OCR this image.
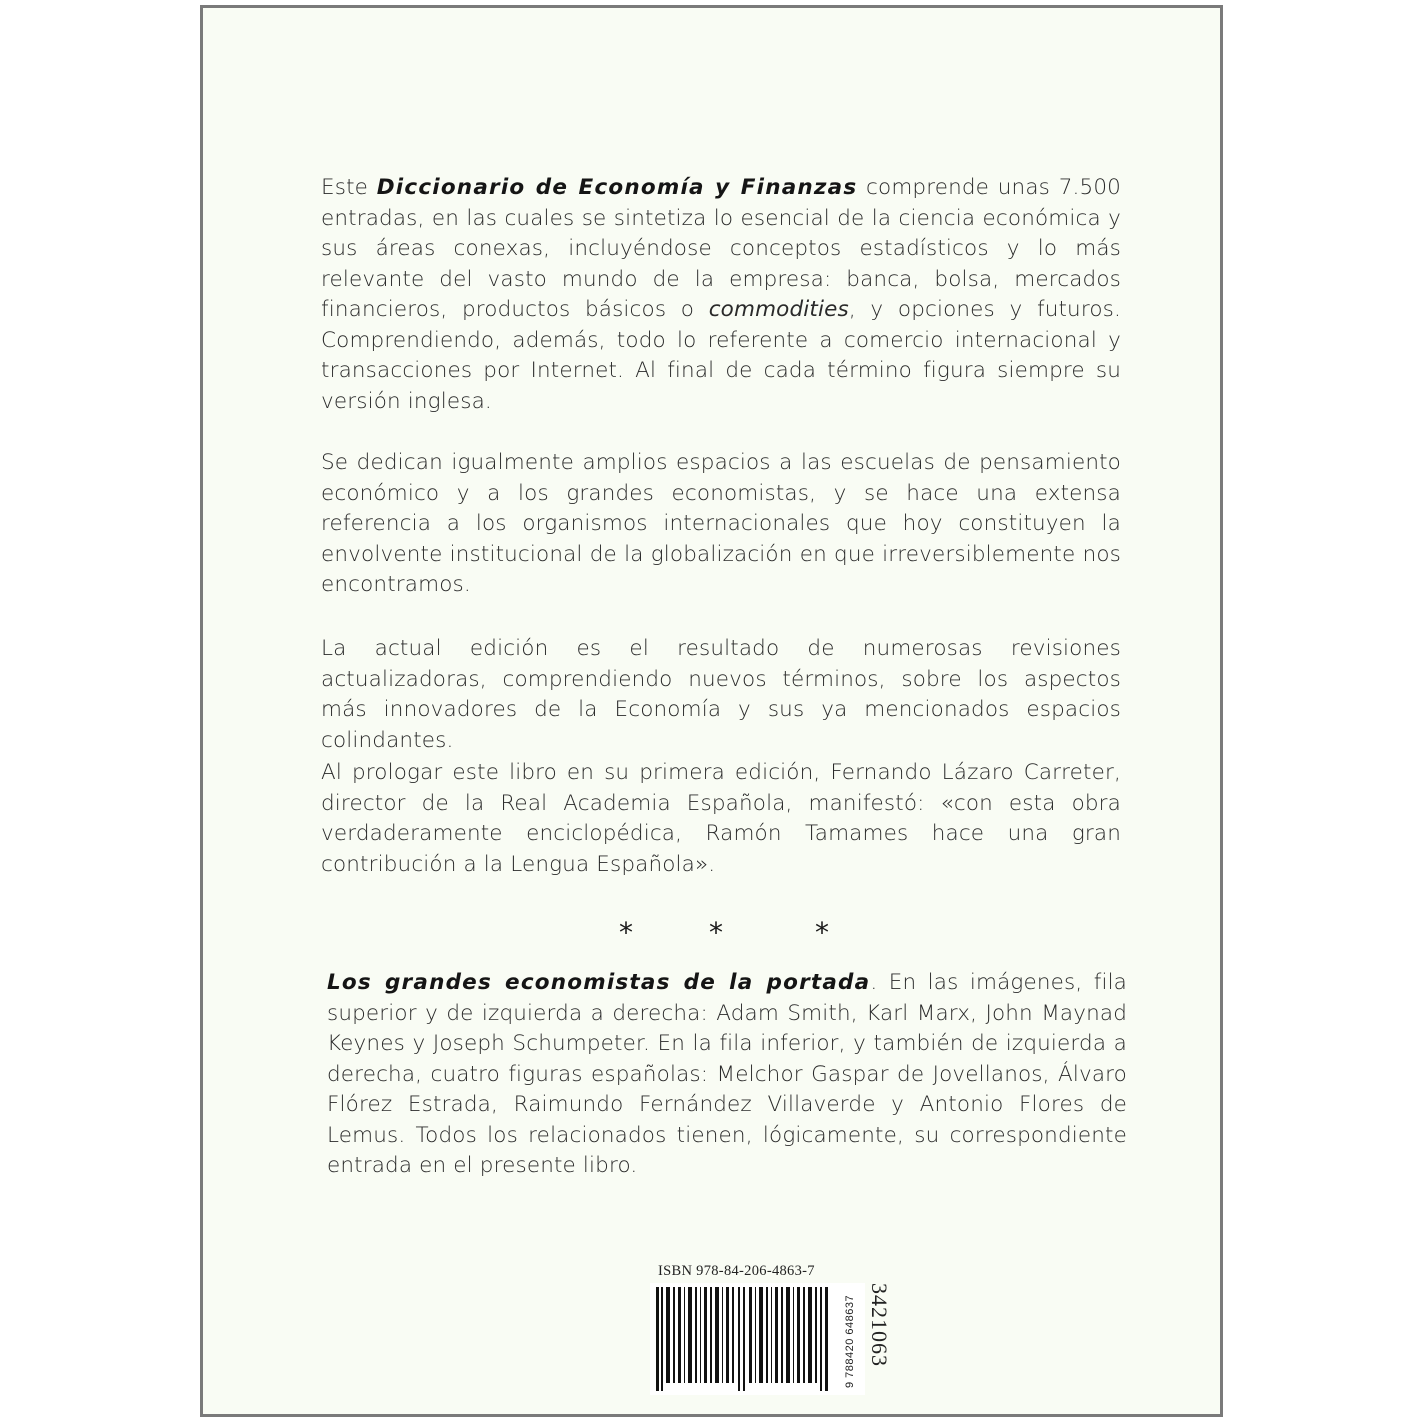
Este Diccionario de Economía y Finanzas comprende unas 7.500 entradas, en las cuales se sintetiza lo esencial de la ciencia económica y sus áreas conexas, incluyéndose conceptos estadísticos y lo más relevante del vasto mundo de la empresa: banca, bolsa, mercados financieros, productos básicos o commodities, y opciones y futuros. Comprendiendo, además, todo lo referente a comercio internacional y transacciones por Internet. Al final de cada término figura siempre su versión inglesa.

Se dedican igualmente amplios espacios a las escuelas de pensamiento económico y a los grandes economistas, y se hace una extensa referencia a los organismos internacionales que hoy constituyen la envolvente institucional de la globalización en que irreversiblemente nos encontramos.

La actual edición es el resultado de numerosas revisiones actualizadoras, comprendiendo nuevos términos, sobre los aspectos más innovadores de la Economía y sus ya mencionados espacios colindantes.

Al prologar este libro en su primera edición, Fernando Lázaro Carreter, director de la Real Academia Española, manifestó: «con esta obra verdaderamente enciclopédica, Ramón Tamames hace una gran contribución a la Lengua Española».

*	*	*

Los grandes economistas de la portada. En las imágenes, fila superior y de izquierda a derecha: Adam Smith, Karl Marx, John Maynad Keynes y Joseph Schumpeter. En la fila inferior, y también de izquierda a derecha, cuatro figuras españolas: Melchor Gaspar de Jovellanos, Álvaro Flórez Estrada, Raimundo Fernández Villaverde y Antonio Flores de Lemus. Todos los relacionados tienen, lógicamente, su correspondiente entrada en el presente libro.

ISBN 978-84-206-4863-7
9 788420 648637 3421063
